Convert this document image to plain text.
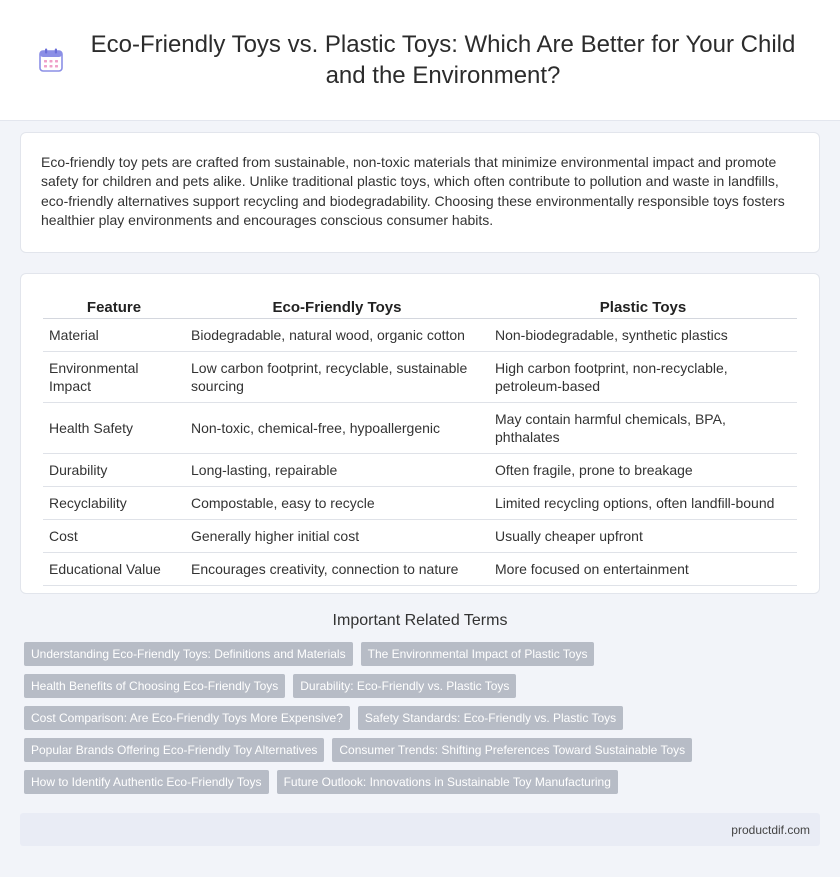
Eco-Friendly Toys vs. Plastic Toys: Which Are Better for Your Child and the Environment?

Eco-friendly toy pets are crafted from sustainable, non-toxic materials that minimize environmental impact and promote safety for children and pets alike. Unlike traditional plastic toys, which often contribute to pollution and waste in landfills, eco-friendly alternatives support recycling and biodegradability. Choosing these environmentally responsible toys fosters healthier play environments and encourages conscious consumer habits.

Feature	Eco-Friendly Toys	Plastic Toys
Material	Biodegradable, natural wood, organic cotton	Non-biodegradable, synthetic plastics
Environmental Impact	Low carbon footprint, recyclable, sustainable sourcing	High carbon footprint, non-recyclable, petroleum-based
Health Safety	Non-toxic, chemical-free, hypoallergenic	May contain harmful chemicals, BPA, phthalates
Durability	Long-lasting, repairable	Often fragile, prone to breakage
Recyclability	Compostable, easy to recycle	Limited recycling options, often landfill-bound
Cost	Generally higher initial cost	Usually cheaper upfront
Educational Value	Encourages creativity, connection to nature	More focused on entertainment
Important Related Terms
Understanding Eco-Friendly Toys: Definitions and Materials	The Environmental Impact of Plastic Toys
Health Benefits of Choosing Eco-Friendly Toys	Durability: Eco-Friendly vs. Plastic Toys
Cost Comparison: Are Eco-Friendly Toys More Expensive?	Safety Standards: Eco-Friendly vs. Plastic Toys
Popular Brands Offering Eco-Friendly Toy Alternatives	Consumer Trends: Shifting Preferences Toward Sustainable Toys
How to Identify Authentic Eco-Friendly Toys	Future Outlook: Innovations in Sustainable Toy Manufacturing
productdif.com
